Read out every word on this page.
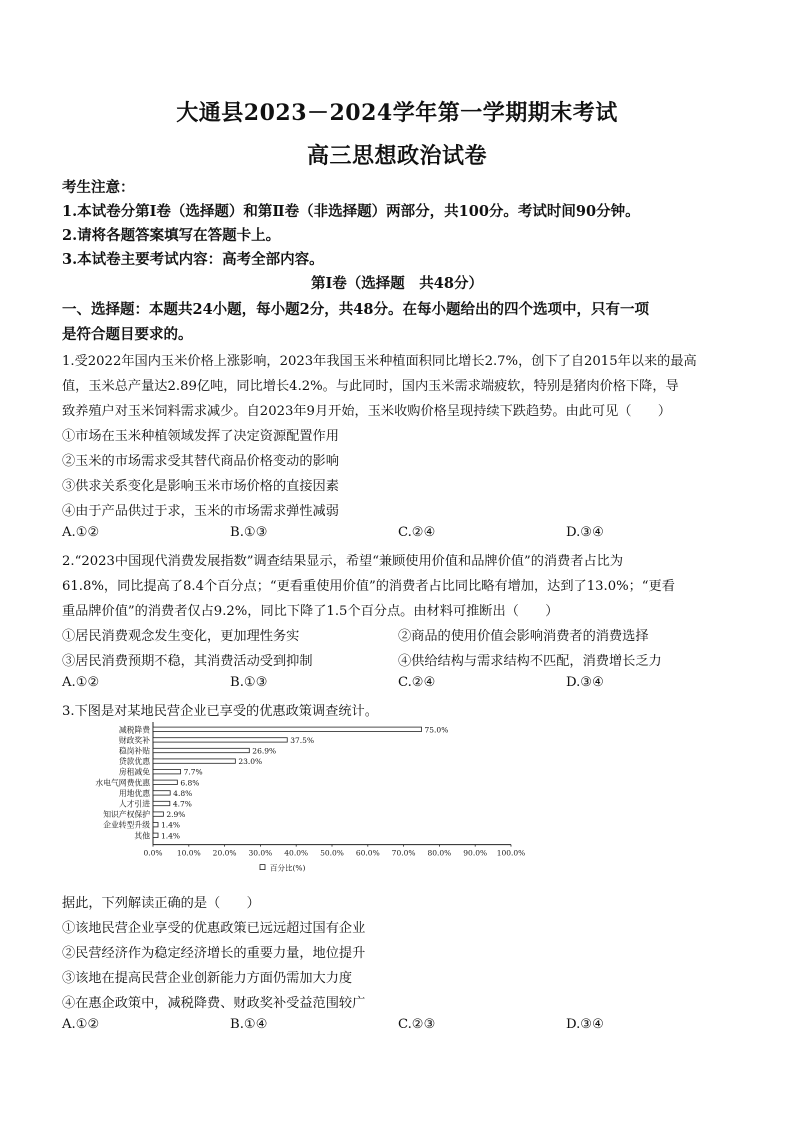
大通县2023－2024学年第一学期期末考试
高三思想政治试卷
考生注意：
1.本试卷分第Ⅰ卷（选择题）和第Ⅱ卷（非选择题）两部分，共100分。考试时间90分钟。
2.请将各题答案填写在答题卡上。
3.本试卷主要考试内容：高考全部内容。
第Ⅰ卷（选择题　共48分）
一、选择题：本题共24小题，每小题2分，共48分。在每小题给出的四个选项中，只有一项
是符合题目要求的。
1.受2022年国内玉米价格上涨影响，2023年我国玉米种植面积同比增长2.7%，创下了自2015年以来的最高
值，玉米总产量达2.89亿吨，同比增长4.2%。与此同时，国内玉米需求端疲软，特别是猪肉价格下降，导
致养殖户对玉米饲料需求减少。自2023年9月开始，玉米收购价格呈现持续下跌趋势。由此可见（　　）
①市场在玉米种植领域发挥了决定资源配置作用
②玉米的市场需求受其替代商品价格变动的影响
③供求关系变化是影响玉米市场价格的直接因素
④由于产品供过于求，玉米的市场需求弹性减弱
A.①②	B.①③	C.②④	D.③④
2.“2023中国现代消费发展指数”调查结果显示，希望“兼顾使用价值和品牌价值”的消费者占比为
61.8%，同比提高了8.4个百分点；“更看重使用价值”的消费者占比同比略有增加，达到了13.0%；“更看
重品牌价值”的消费者仅占9.2%，同比下降了1.5个百分点。由材料可推断出（　　）
①居民消费观念发生变化，更加理性务实	②商品的使用价值会影响消费者的消费选择
③居民消费预期不稳，其消费活动受到抑制	④供给结构与需求结构不匹配，消费增长乏力
A.①②	B.①③	C.②④	D.③④
3.下图是对某地民营企业已享受的优惠政策调查统计。
0.0% 10.0% 20.0% 30.0% 40.0% 50.0% 60.0% 70.0% 80.0% 90.0% 100.0%
减税降费	75.0%
财政奖补	37.5%
稳岗补贴	26.9%
贷款优惠	23.0%
房租减免	7.7%
水电气网费优惠	6.8%
用地优惠	4.8%
人才引进	4.7%
知识产权保护 2.9%
企业转型升级 1.4%
其他 1.4%
百分比(%)
据此，下列解读正确的是（　　）
①该地民营企业享受的优惠政策已远远超过国有企业
②民营经济作为稳定经济增长的重要力量，地位提升
③该地在提高民营企业创新能力方面仍需加大力度
④在惠企政策中，减税降费、财政奖补受益范围较广
A.①②	B.①④	C.②③	D.③④
